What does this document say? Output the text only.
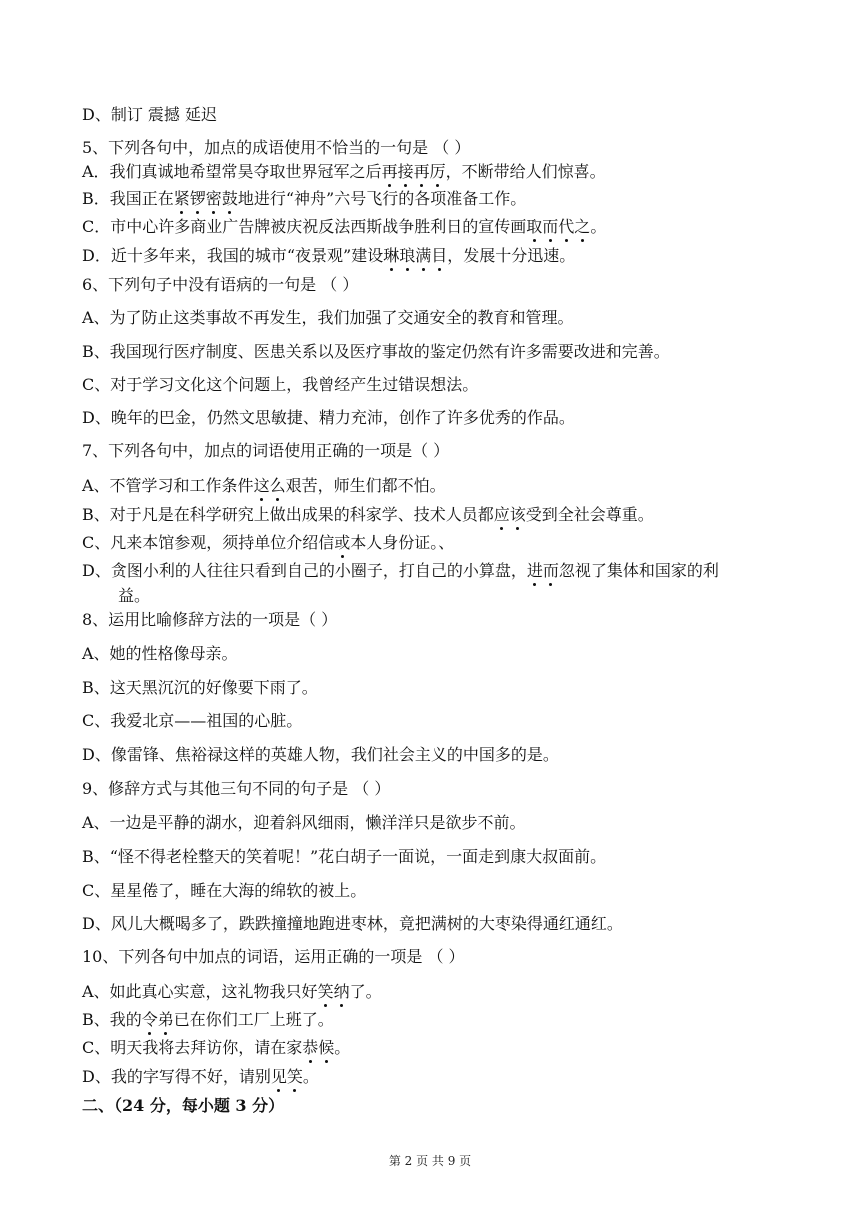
D、制订 震撼 延迟
5、下列各句中，加点的成语使用不恰当的一句是 （ ）
A．我们真诚地希望常昊夺取世界冠军之后再接再厉，不断带给人们惊喜。
B．我国正在紧锣密鼓地进行“神舟”六号飞行的各项准备工作。
C．市中心许多商业广告牌被庆祝反法西斯战争胜利日的宣传画取而代之。
D．近十多年来，我国的城市“夜景观”建设琳琅满目，发展十分迅速。
6、下列句子中没有语病的一句是 （ ）
A、为了防止这类事故不再发生，我们加强了交通安全的教育和管理。
B、我国现行医疗制度、医患关系以及医疗事故的鉴定仍然有许多需要改进和完善。
C、对于学习文化这个问题上，我曾经产生过错误想法。
D、晚年的巴金，仍然文思敏捷、精力充沛，创作了许多优秀的作品。
7、下列各句中，加点的词语使用正确的一项是（ ）
A、不管学习和工作条件这么艰苦，师生们都不怕。
B、对于凡是在科学研究上做出成果的科家学、技术人员都应该受到全社会尊重。
C、凡来本馆参观，须持单位介绍信或本人身份证。、
D、贪图小利的人往往只看到自己的小圈子，打自己的小算盘，进而忽视了集体和国家的利
益。
8、运用比喻修辞方法的一项是（ ）
A、她的性格像母亲。
B、这天黑沉沉的好像要下雨了。
C、我爱北京——祖国的心脏。
D、像雷锋、焦裕禄这样的英雄人物，我们社会主义的中国多的是。
9、修辞方式与其他三句不同的句子是 （ ）
A、一边是平静的湖水，迎着斜风细雨，懒洋洋只是欲步不前。
B、“怪不得老栓整天的笑着呢！”花白胡子一面说，一面走到康大叔面前。
C、星星倦了，睡在大海的绵软的被上。
D、风儿大概喝多了，跌跌撞撞地跑进枣林，竟把满树的大枣染得通红通红。
10、下列各句中加点的词语，运用正确的一项是 （ ）
A、如此真心实意，这礼物我只好笑纳了。
B、我的令弟已在你们工厂上班了。
C、明天我将去拜访你，请在家恭候。
D、我的字写得不好，请别见笑。
二、（24 分，每小题 3 分）
第 2 页 共 9 页
